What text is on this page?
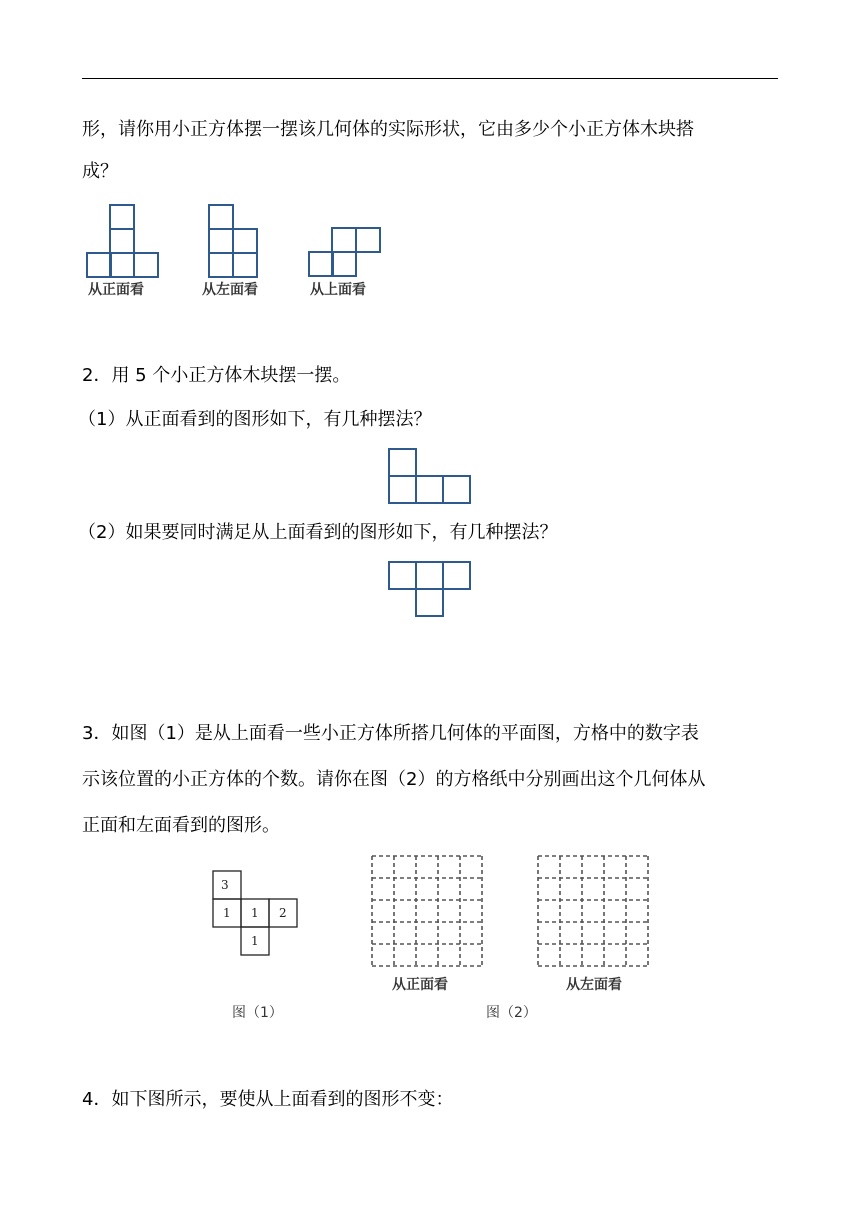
形，请你用小正方体摆一摆该几何体的实际形状，它由多少个小正方体木块搭
成？
从正面看	从左面看	从上面看
2．用 5 个小正方体木块摆一摆。
（1）从正面看到的图形如下，有几种摆法？
（2）如果要同时满足从上面看到的图形如下，有几种摆法？
3．如图（1）是从上面看一些小正方体所搭几何体的平面图，方格中的数字表
示该位置的小正方体的个数。请你在图（2）的方格纸中分别画出这个几何体从
正面和左面看到的图形。
3
1 1 2
1
图（1）
从正面看	从左面看
图（2）
4．如下图所示，要使从上面看到的图形不变：
